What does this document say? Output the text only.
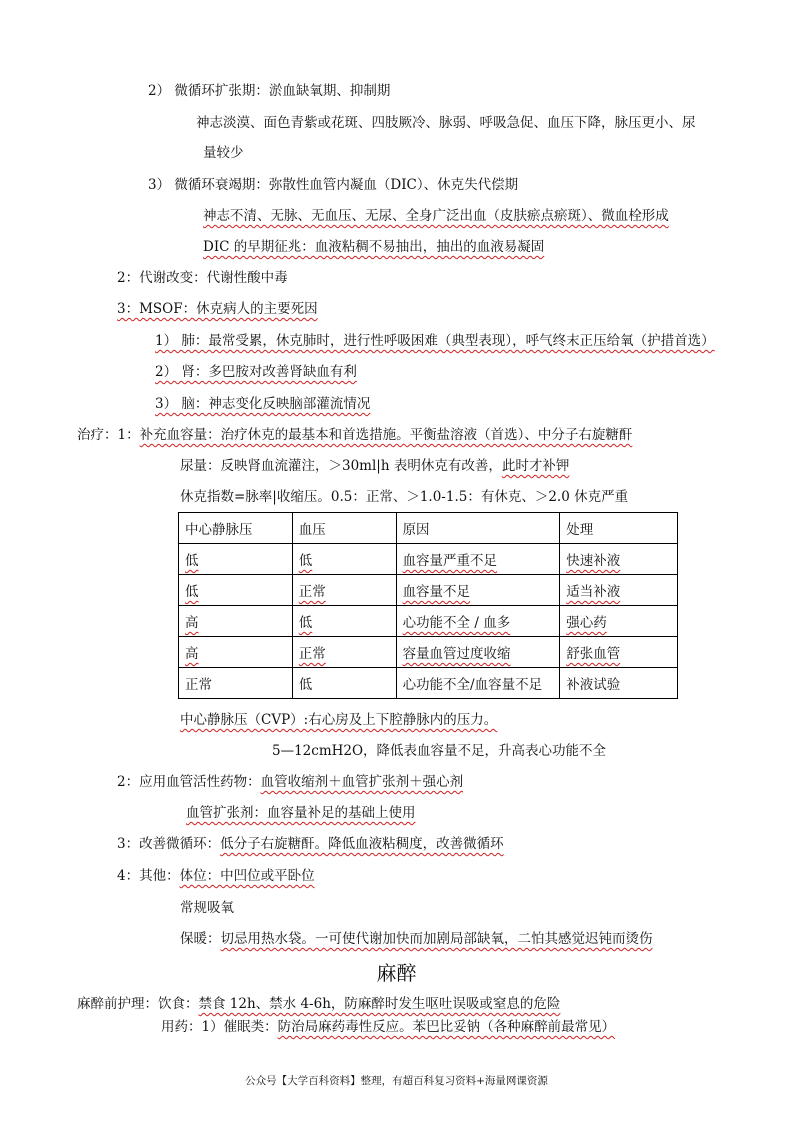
2） 微循环扩张期：淤血缺氧期、抑制期
神志淡漠、面色青紫或花斑、四肢厥冷、脉弱、呼吸急促、血压下降，脉压更小、尿
量较少
3） 微循环衰竭期：弥散性血管内凝血（DIC）、休克失代偿期
神志不清、无脉、无血压、无尿、全身广泛出血（皮肤瘀点瘀斑）、微血栓形成
DIC 的早期征兆：血液粘稠不易抽出，抽出的血液易凝固
2：代谢改变：代谢性酸中毒
3：MSOF：休克病人的主要死因
1） 肺：最常受累，休克肺时，进行性呼吸困难（典型表现），呼气终末正压给氧（护措首选）
2） 肾：多巴胺对改善肾缺血有利
3） 脑：神志变化反映脑部灌流情况
治疗：1：补充血容量：治疗休克的最基本和首选措施。平衡盐溶液（首选）、中分子右旋糖酐
尿量：反映肾血流灌注，＞30ml|h 表明休克有改善，此时才补钾
休克指数=脉率|收缩压。0.5：正常、＞1.0-1.5：有休克、＞2.0 休克严重
中心静脉压	血压	原因	处理
低	低	血容量严重不足	快速补液
低	正常	血容量不足	适当补液
高	低	心功能不全 / 血多	强心药
高	正常	容量血管过度收缩	舒张血管
正常	低	心功能不全/血容量不足	补液试验
中心静脉压（CVP）:右心房及上下腔静脉内的压力。
5—12cmH2O，降低表血容量不足，升高表心功能不全
2：应用血管活性药物：血管收缩剂＋血管扩张剂＋强心剂
血管扩张剂：血容量补足的基础上使用
3：改善微循环：低分子右旋糖酐。降低血液粘稠度，改善微循环
4：其他：体位：中凹位或平卧位
常规吸氧
保暖：切忌用热水袋。一可使代谢加快而加剧局部缺氧，二怕其感觉迟钝而烫伤
麻醉
麻醉前护理：饮食：禁食 12h、禁水 4-6h，防麻醉时发生呕吐误吸或窒息的危险
用药：1）催眠类：防治局麻药毒性反应。苯巴比妥钠（各种麻醉前最常见）
公众号【大学百科资料】整理，有超百科复习资料+海量网课资源
